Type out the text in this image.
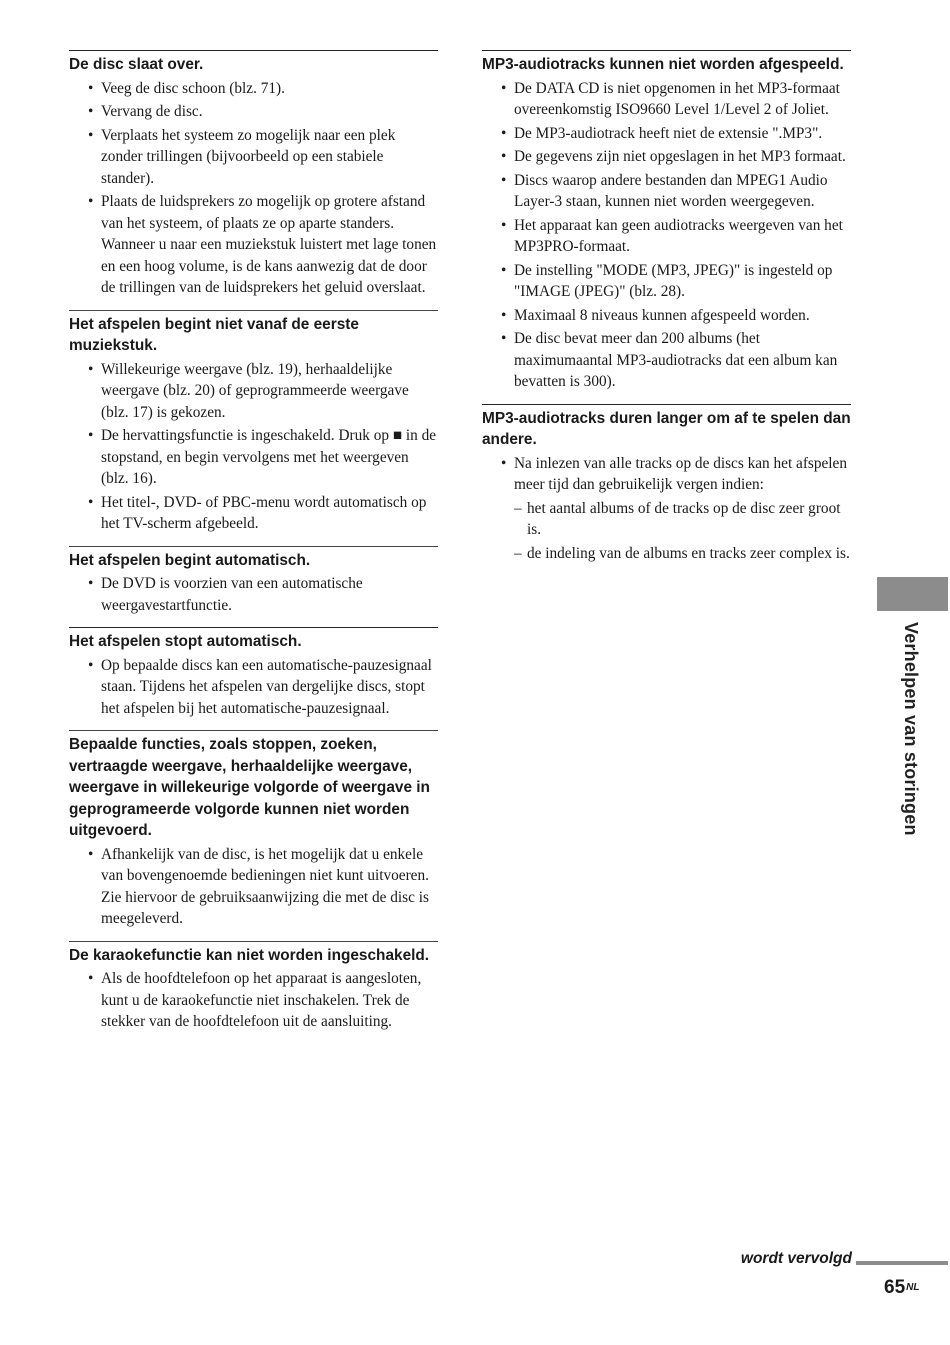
De disc slaat over.
• Veeg de disc schoon (blz. 71).
• Vervang de disc.
• Verplaats het systeem zo mogelijk naar een plek zonder trillingen (bijvoorbeeld op een stabiele stander).
• Plaats de luidsprekers zo mogelijk op grotere afstand van het systeem, of plaats ze op aparte standers. Wanneer u naar een muziekstuk luistert met lage tonen en een hoog volume, is de kans aanwezig dat de door de trillingen van de luidsprekers het geluid overslaat.
Het afspelen begint niet vanaf de eerste muziekstuk.
• Willekeurige weergave (blz. 19), herhaaldelijke weergave (blz. 20) of geprogrammeerde weergave (blz. 17) is gekozen.
• De hervattingsfunctie is ingeschakeld. Druk op ■ in de stopstand, en begin vervolgens met het weergeven (blz. 16).
• Het titel-, DVD- of PBC-menu wordt automatisch op het TV-scherm afgebeeld.
Het afspelen begint automatisch.
• De DVD is voorzien van een automatische weergavestartfunctie.
Het afspelen stopt automatisch.
• Op bepaalde discs kan een automatische-pauzesignaal staan. Tijdens het afspelen van dergelijke discs, stopt het afspelen bij het automatische-pauzesignaal.
Bepaalde functies, zoals stoppen, zoeken, vertraagde weergave, herhaaldelijke weergave, weergave in willekeurige volgorde of weergave in geprogrameerde volgorde kunnen niet worden uitgevoerd.
• Afhankelijk van de disc, is het mogelijk dat u enkele van bovengenoemde bedieningen niet kunt uitvoeren. Zie hiervoor de gebruiksaanwijzing die met de disc is meegeleverd.
De karaokefunctie kan niet worden ingeschakeld.
• Als de hoofdtelefoon op het apparaat is aangesloten, kunt u de karaokefunctie niet inschakelen. Trek de stekker van de hoofdtelefoon uit de aansluiting.
MP3-audiotracks kunnen niet worden afgespeeld.
• De DATA CD is niet opgenomen in het MP3-formaat overeenkomstig ISO9660 Level 1/Level 2 of Joliet.
• De MP3-audiotrack heeft niet de extensie ".MP3".
• De gegevens zijn niet opgeslagen in het MP3 formaat.
• Discs waarop andere bestanden dan MPEG1 Audio Layer-3 staan, kunnen niet worden weergegeven.
• Het apparaat kan geen audiotracks weergeven van het MP3PRO-formaat.
• De instelling "MODE (MP3, JPEG)" is ingesteld op "IMAGE (JPEG)" (blz. 28).
• Maximaal 8 niveaus kunnen afgespeeld worden.
• De disc bevat meer dan 200 albums (het maximumaantal MP3-audiotracks dat een album kan bevatten is 300).
MP3-audiotracks duren langer om af te spelen dan andere.
• Na inlezen van alle tracks op de discs kan het afspelen meer tijd dan gebruikelijk vergen indien:
– het aantal albums of de tracks op de disc zeer groot is.
– de indeling van de albums en tracks zeer complex is.
Verhelpen van storingen
wordt vervolgd
$65^{NL}$
